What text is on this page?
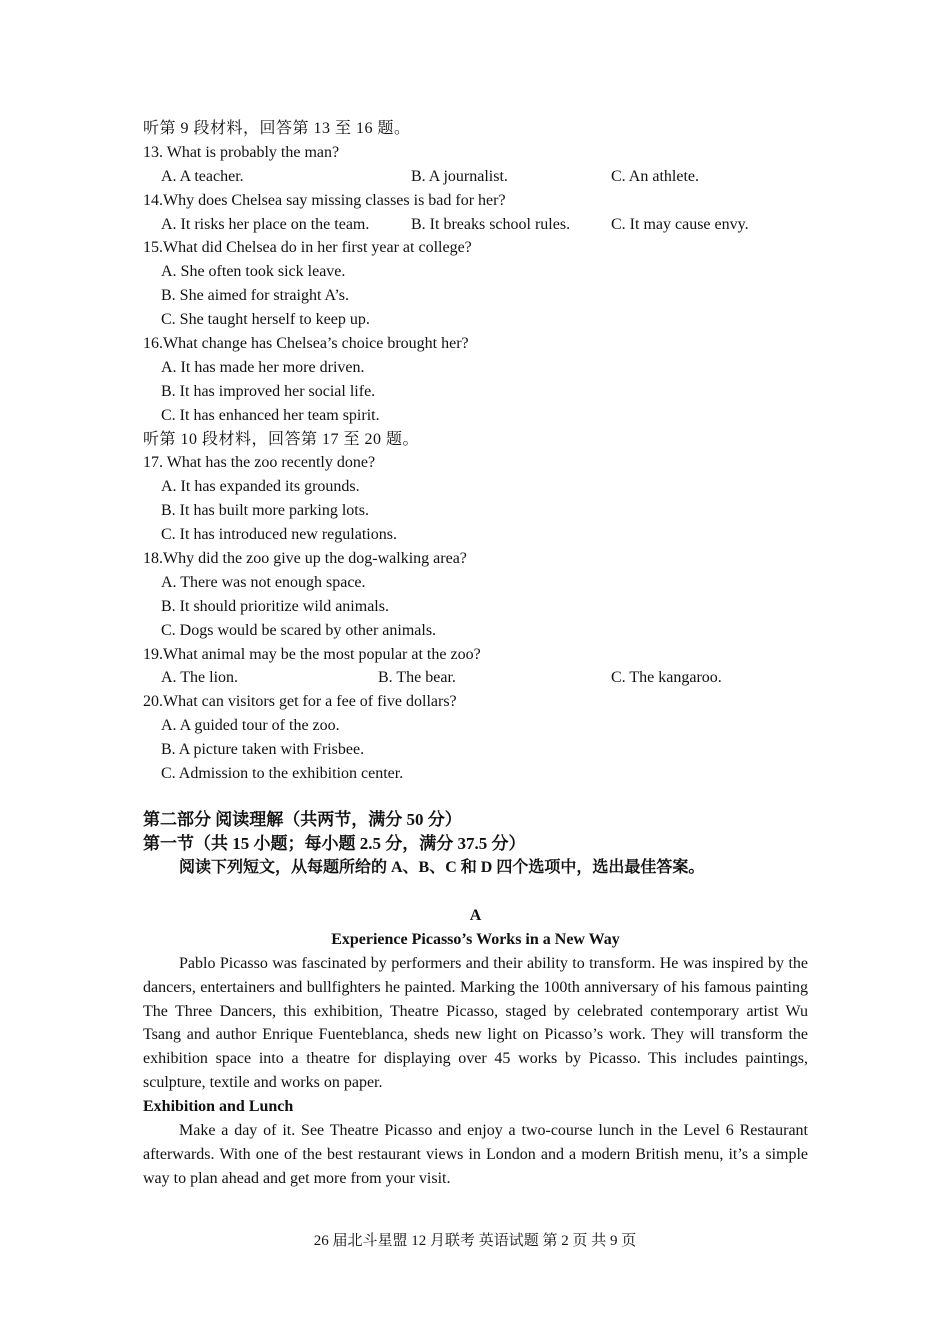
听第 9 段材料，回答第 13 至 16 题。
13. What is probably the man?
A. A teacher.	B. A journalist.	C. An athlete.
14.Why does Chelsea say missing classes is bad for her?
A. It risks her place on the team.	B. It breaks school rules.	C. It may cause envy.
15.What did Chelsea do in her first year at college?
A. She often took sick leave.
B. She aimed for straight A’s.
C. She taught herself to keep up.
16.What change has Chelsea’s choice brought her?
A. It has made her more driven.
B. It has improved her social life.
C. It has enhanced her team spirit.
听第 10 段材料，回答第 17 至 20 题。
17. What has the zoo recently done?
A. It has expanded its grounds.
B. It has built more parking lots.
C. It has introduced new regulations.
18.Why did the zoo give up the dog-walking area?
A. There was not enough space.
B. It should prioritize wild animals.
C. Dogs would be scared by other animals.
19.What animal may be the most popular at the zoo?
A. The lion.	B. The bear.	C. The kangaroo.
20.What can visitors get for a fee of five dollars?
A. A guided tour of the zoo.
B. A picture taken with Frisbee.
C. Admission to the exhibition center.
第二部分 阅读理解（共两节，满分 50 分）
第一节（共 15 小题；每小题 2.5 分，满分 37.5 分）
阅读下列短文，从每题所给的 A、B、C 和 D 四个选项中，选出最佳答案。
A
Experience Picasso’s Works in a New Way
Pablo Picasso was fascinated by performers and their ability to transform. He was inspired by the dancers, entertainers and bullfighters he painted. Marking the 100th anniversary of his famous painting The Three Dancers, this exhibition, Theatre Picasso, staged by celebrated contemporary artist Wu Tsang and author Enrique Fuenteblanca, sheds new light on Picasso’s work. They will transform the exhibition space into a theatre for displaying over 45 works by Picasso. This includes paintings, sculpture, textile and works on paper.
Exhibition and Lunch
Make a day of it. See Theatre Picasso and enjoy a two-course lunch in the Level 6 Restaurant afterwards. With one of the best restaurant views in London and a modern British menu, it’s a simple way to plan ahead and get more from your visit.
26 届北斗星盟 12 月联考 英语试题 第 2 页 共 9 页
